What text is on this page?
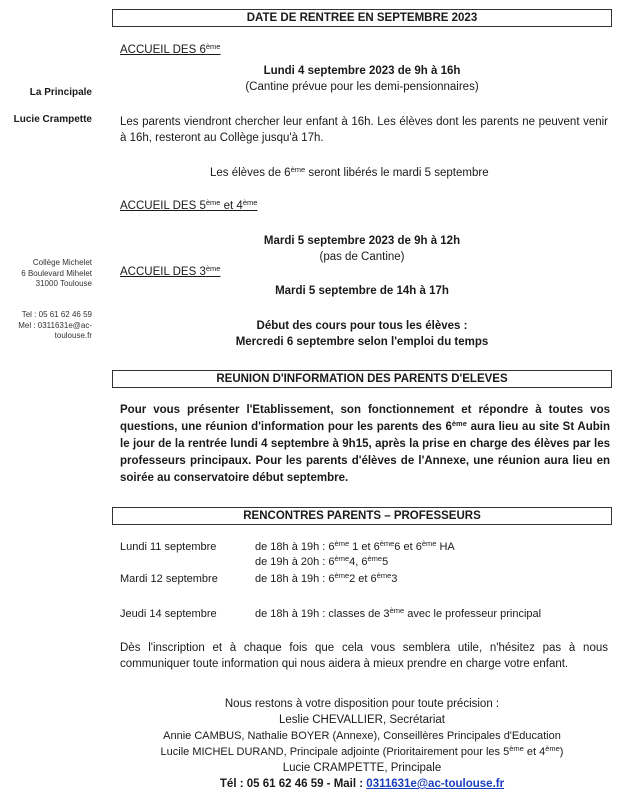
La Principale
Lucie Crampette
Collège Michelet
6 Boulevard Mihelet
31000 Toulouse
Tel : 05 61 62 46 59
Mel : 0311631e@ac-
toulouse.fr
DATE DE RENTREE EN SEPTEMBRE 2023
ACCUEIL DES 6ème
Lundi 4 septembre 2023 de 9h à 16h
(Cantine prévue pour les demi-pensionnaires)
Les parents viendront chercher leur enfant à 16h. Les élèves dont les parents ne peuvent venir à 16h, resteront au Collège jusqu'à 17h.
Les élèves de 6ème seront libérés le mardi 5 septembre
ACCUEIL DES 5ème et 4ème
Mardi 5 septembre 2023 de 9h à 12h
(pas de Cantine)
ACCUEIL DES 3ème
Mardi 5 septembre de 14h à 17h
Début des cours pour tous les élèves :
Mercredi 6 septembre selon l'emploi du temps
REUNION D'INFORMATION DES PARENTS D'ELEVES
Pour vous présenter l'Etablissement, son fonctionnement et répondre à toutes vos questions, une réunion d'information pour les parents des 6ème aura lieu au site St Aubin le jour de la rentrée lundi 4 septembre à 9h15, après la prise en charge des élèves par les professeurs principaux. Pour les parents d'élèves de l'Annexe, une réunion aura lieu en soirée au conservatoire début septembre.
RENCONTRES PARENTS – PROFESSEURS
Lundi 11 septembre	de 18h à 19h : 6ème 1 et 6ème6 et 6ème HA
de 19h à 20h : 6ème4, 6ème5
Mardi 12 septembre	de 18h à 19h : 6ème2 et 6ème3
Jeudi 14 septembre	de 18h à 19h : classes de 3ème avec le professeur principal
Dès l'inscription et à chaque fois que cela vous semblera utile, n'hésitez pas à nous communiquer toute information qui nous aidera à mieux prendre en charge votre enfant.
Nous restons à votre disposition pour toute précision :
Leslie CHEVALLIER, Secrétariat
Annie CAMBUS, Nathalie BOYER (Annexe), Conseillères Principales d'Education
Lucile MICHEL DURAND, Principale adjointe (Prioritairement pour les 5ème et 4ème)
Lucie CRAMPETTE, Principale
Tél : 05 61 62 46 59 - Mail : 0311631e@ac-toulouse.fr
